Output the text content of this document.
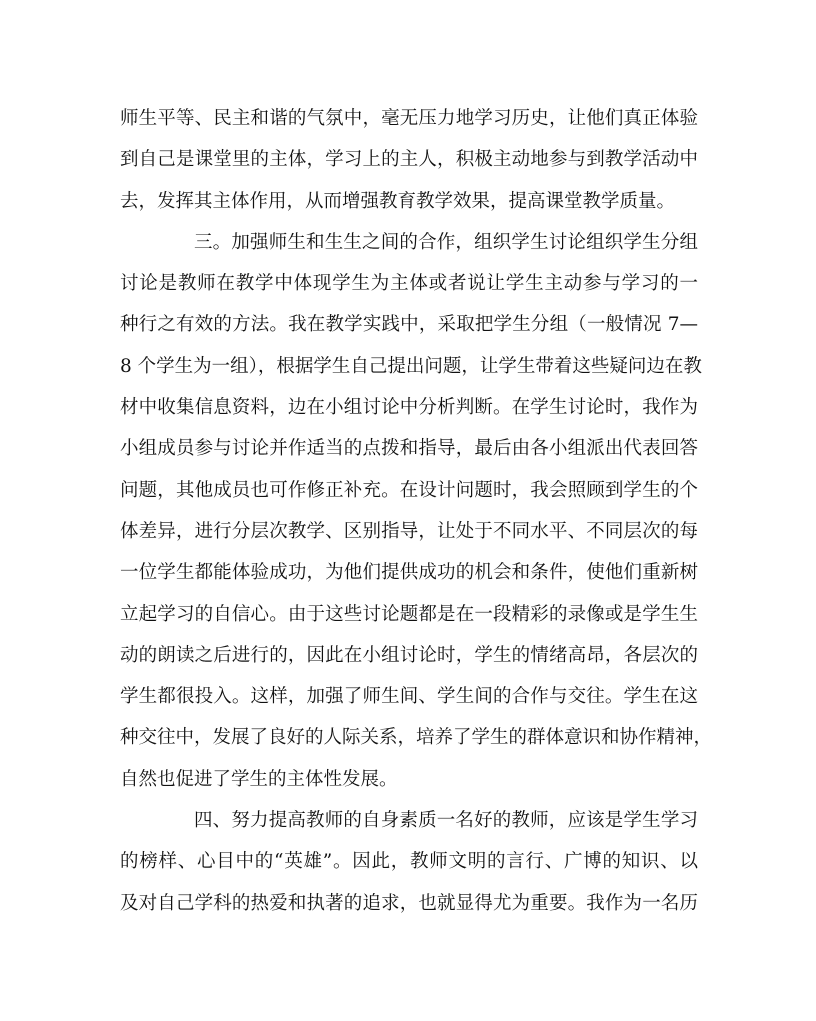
师生平等、民主和谐的气氛中，毫无压力地学习历史，让他们真正体验
到自己是课堂里的主体，学习上的主人，积极主动地参与到教学活动中
去，发挥其主体作用，从而增强教育教学效果，提高课堂教学质量。
三。加强师生和生生之间的合作，组织学生讨论组织学生分组
讨论是教师在教学中体现学生为主体或者说让学生主动参与学习的一
种行之有效的方法。我在教学实践中，采取把学生分组（一般情况 7—
8 个学生为一组），根据学生自己提出问题，让学生带着这些疑问边在教
材中收集信息资料，边在小组讨论中分析判断。在学生讨论时，我作为
小组成员参与讨论并作适当的点拨和指导，最后由各小组派出代表回答
问题，其他成员也可作修正补充。在设计问题时，我会照顾到学生的个
体差异，进行分层次教学、区别指导，让处于不同水平、不同层次的每
一位学生都能体验成功，为他们提供成功的机会和条件，使他们重新树
立起学习的自信心。由于这些讨论题都是在一段精彩的录像或是学生生
动的朗读之后进行的，因此在小组讨论时，学生的情绪高昂，各层次的
学生都很投入。这样，加强了师生间、学生间的合作与交往。学生在这
种交往中，发展了良好的人际关系，培养了学生的群体意识和协作精神，
自然也促进了学生的主体性发展。
四、努力提高教师的自身素质一名好的教师，应该是学生学习
的榜样、心目中的“英雄”。因此，教师文明的言行、广博的知识、以
及对自己学科的热爱和执著的追求，也就显得尤为重要。我作为一名历
